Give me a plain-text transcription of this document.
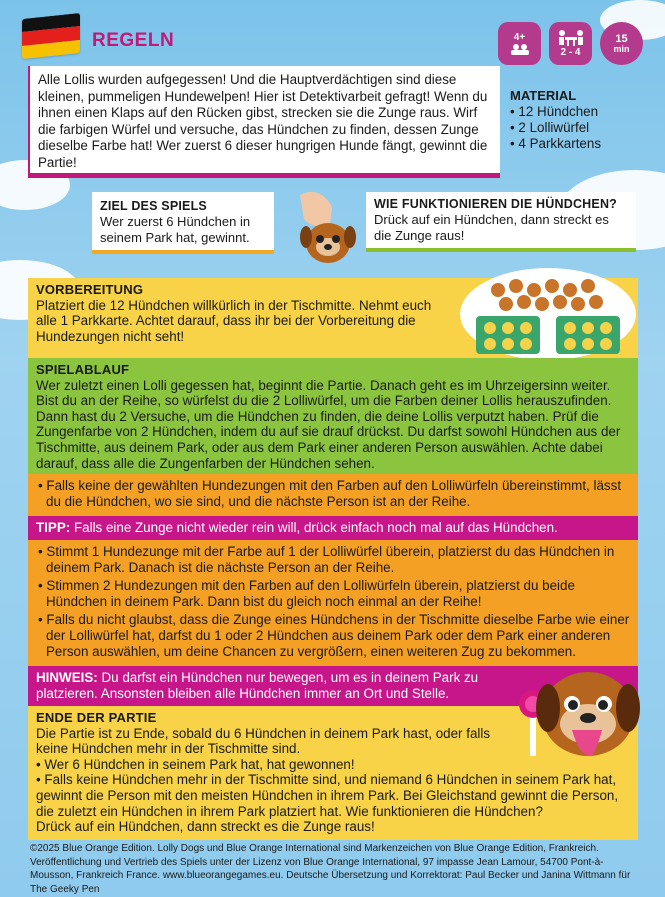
REGELN	4+
2 - 4
15
min

Alle Lollis wurden aufgegessen! Und die Hauptverdächtigen sind diese kleinen, pummeligen Hundewelpen! Hier ist Detektivarbeit gefragt! Wenn du ihnen einen Klaps auf den Rücken gibst, strecken sie die Zunge raus. Wirf die farbigen Würfel und versuche, das Hündchen zu finden, dessen Zunge dieselbe Farbe hat! Wer zuerst 6 dieser hungrigen Hunde fängt, gewinnt die Partie!

MATERIAL
• 12 Hündchen
• 2 Lolliwürfel
• 4 Parkkartens
ZIEL DES SPIELS
Wer zuerst 6 Hündchen in seinem Park hat, gewinnt.
WIE FUNKTIONIEREN DIE HÜNDCHEN?
Drück auf ein Hündchen, dann streckt es die Zunge raus!
VORBEREITUNG
Platziert die 12 Hündchen willkürlich in der Tischmitte. Nehmt euch alle 1 Parkkarte. Achtet darauf, dass ihr bei der Vorbereitung die Hundezungen nicht seht!
SPIELABLAUF
Wer zuletzt einen Lolli gegessen hat, beginnt die Partie. Danach geht es im Uhrzeigersinn weiter. Bist du an der Reihe, so würfelst du die 2 Lolliwürfel, um die Farben deiner Lollis herauszufinden. Dann hast du 2 Versuche, um die Hündchen zu finden, die deine Lollis verputzt haben. Prüf die Zungenfarbe von 2 Hündchen, indem du auf sie drauf drückst. Du darfst sowohl Hündchen aus der Tischmitte, aus deinem Park, oder aus dem Park einer anderen Person auswählen. Achte dabei darauf, dass alle die Zungenfarben der Hündchen sehen.
• Falls keine der gewählten Hundezungen mit den Farben auf den Lolliwürfeln übereinstimmt, lässt du die Hündchen, wo sie sind, und die nächste Person ist an der Reihe.
TIPP: Falls eine Zunge nicht wieder rein will, drück einfach noch mal auf das Hündchen.
• Stimmt 1 Hundezunge mit der Farbe auf 1 der Lolliwürfel überein, platzierst du das Hündchen in deinem Park. Danach ist die nächste Person an der Reihe.
• Stimmen 2 Hundezungen mit den Farben auf den Lolliwürfeln überein, platzierst du beide Hündchen in deinem Park. Dann bist du gleich noch einmal an der Reihe!
• Falls du nicht glaubst, dass die Zunge eines Hündchens in der Tischmitte dieselbe Farbe wie einer der Lolliwürfel hat, darfst du 1 oder 2 Hündchen aus deinem Park oder dem Park einer anderen Person auswählen, um deine Chancen zu vergrößern, einen weiteren Zug zu bekommen.
HINWEIS: Du darfst ein Hündchen nur bewegen, um es in deinem Park zu platzieren. Ansonsten bleiben alle Hündchen immer an Ort und Stelle.
ENDE DER PARTIE
Die Partie ist zu Ende, sobald du 6 Hündchen in deinem Park hast, oder falls keine Hündchen mehr in der Tischmitte sind.
• Wer 6 Hündchen in seinem Park hat, hat gewonnen!
• Falls keine Hündchen mehr in der Tischmitte sind, und niemand 6 Hündchen in seinem Park hat, gewinnt die Person mit den meisten Hündchen in ihrem Park. Bei Gleichstand gewinnt die Person, die zuletzt ein Hündchen in ihrem Park platziert hat. Wie funktionieren die Hündchen?
Drück auf ein Hündchen, dann streckt es die Zunge raus!
©2025 Blue Orange Edition. Lolly Dogs und Blue Orange International sind Markenzeichen von Blue Orange Edition, Frankreich. Veröffentlichung und Vertrieb des Spiels unter der Lizenz von Blue Orange International, 97 impasse Jean Lamour, 54700 Pont-à-Mousson, Frankreich France. www.blueorangegames.eu. Deutsche Übersetzung und Korrektorat: Paul Becker und Janina Wittmann für The Geeky Pen
